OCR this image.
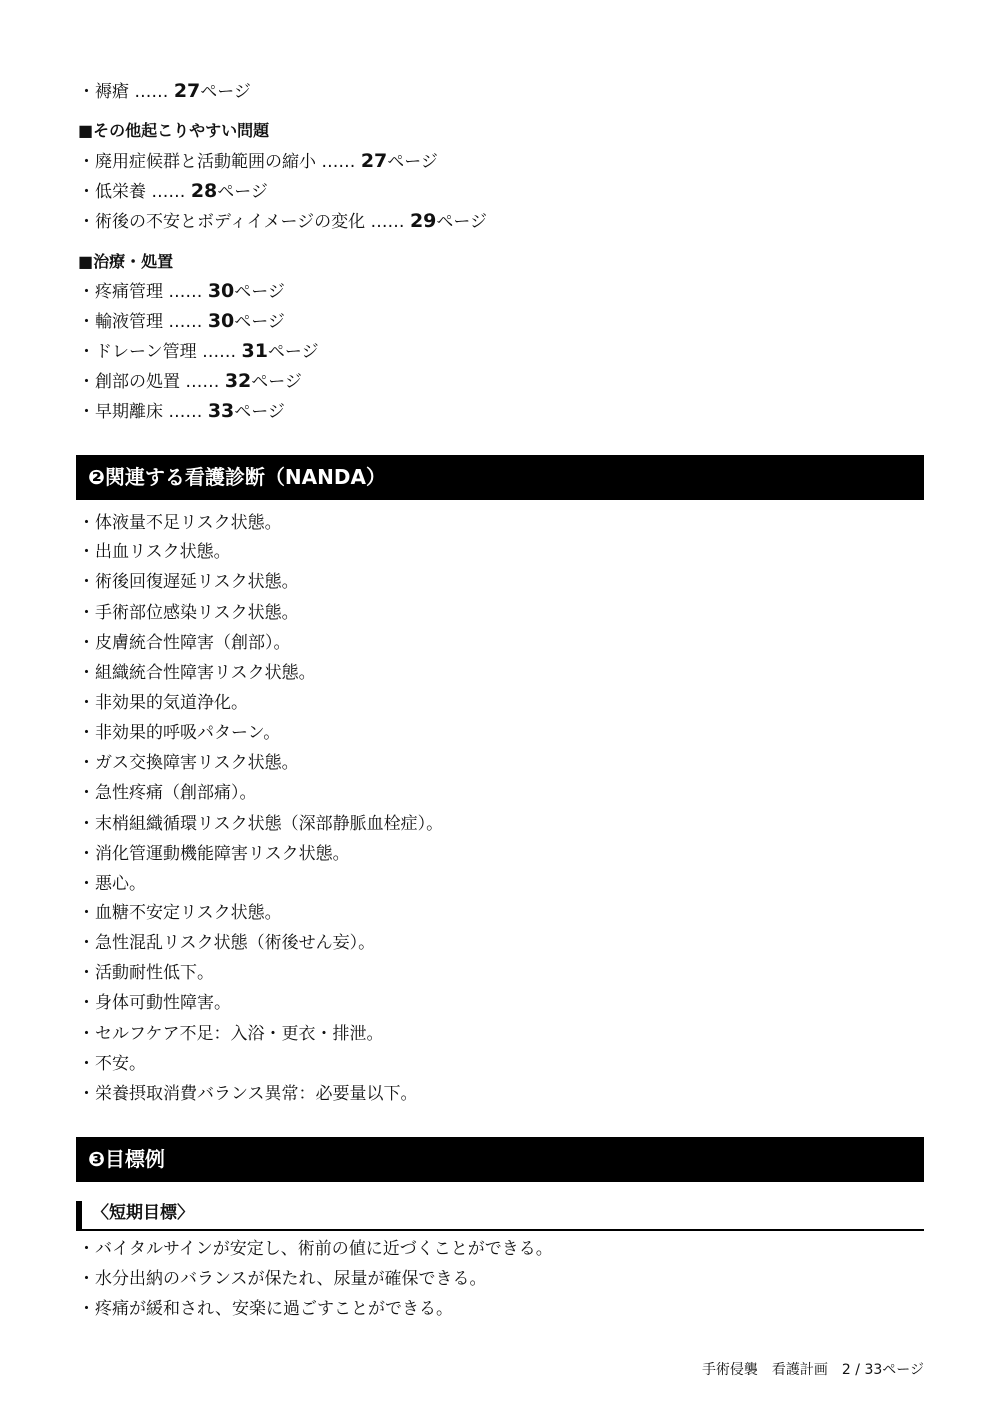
・褥瘡 …… 27ページ
■その他起こりやすい問題
・廃用症候群と活動範囲の縮小 …… 27ページ
・低栄養 …… 28ページ
・術後の不安とボディイメージの変化 …… 29ページ
■治療・処置
・疼痛管理 …… 30ページ
・輸液管理 …… 30ページ
・ドレーン管理 …… 31ページ
・創部の処置 …… 32ページ
・早期離床 …… 33ページ
❷関連する看護診断（NANDA）
・体液量不足リスク状態。
・出血リスク状態。
・術後回復遅延リスク状態。
・手術部位感染リスク状態。
・皮膚統合性障害（創部）。
・組織統合性障害リスク状態。
・非効果的気道浄化。
・非効果的呼吸パターン。
・ガス交換障害リスク状態。
・急性疼痛（創部痛）。
・末梢組織循環リスク状態（深部静脈血栓症）。
・消化管運動機能障害リスク状態。
・悪心。
・血糖不安定リスク状態。
・急性混乱リスク状態（術後せん妄）。
・活動耐性低下。
・身体可動性障害。
・セルフケア不足：入浴・更衣・排泄。
・不安。
・栄養摂取消費バランス異常：必要量以下。
❸目標例
〈短期目標〉
・バイタルサインが安定し、術前の値に近づくことができる。
・水分出納のバランスが保たれ、尿量が確保できる。
・疼痛が緩和され、安楽に過ごすことができる。
手術侵襲　看護計画　2 / 33ページ
